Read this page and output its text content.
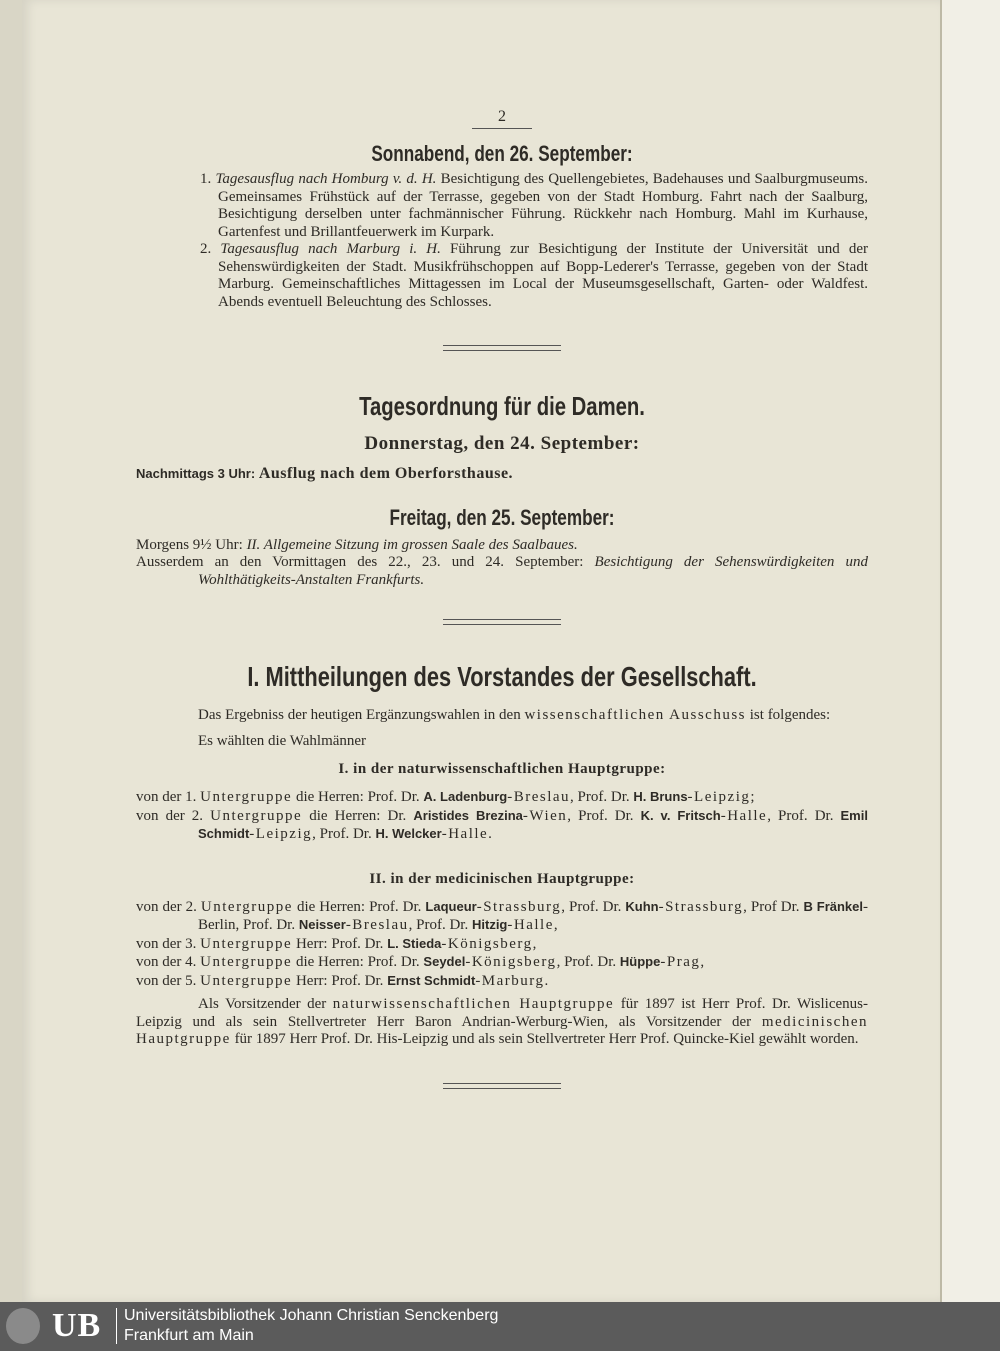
2
Sonnabend, den 26. September:
1. Tagesausflug nach Homburg v. d. H. Besichtigung des Quellengebietes, Badehauses und Saalburgmuseums. Gemeinsames Frühstück auf der Terrasse, gegeben von der Stadt Homburg. Fahrt nach der Saalburg, Besichtigung derselben unter fachmännischer Führung. Rückkehr nach Homburg. Mahl im Kurhause, Gartenfest und Brillantfeuerwerk im Kurpark.
2. Tagesausflug nach Marburg i. H. Führung zur Besichtigung der Institute der Universität und der Sehenswürdigkeiten der Stadt. Musikfrühschoppen auf Bopp-Lederer's Terrasse, gegeben von der Stadt Marburg. Gemeinschaftliches Mittagessen im Local der Museumsgesellschaft, Garten- oder Waldfest. Abends eventuell Beleuchtung des Schlosses.
Tagesordnung für die Damen.
Donnerstag, den 24. September:
Nachmittags 3 Uhr: Ausflug nach dem Oberforsthause.
Freitag, den 25. September:
Morgens 9½ Uhr: II. Allgemeine Sitzung im grossen Saale des Saalbaues.
Ausserdem an den Vormittagen des 22., 23. und 24. September: Besichtigung der Sehenswürdigkeiten und Wohlthätigkeits-Anstalten Frankfurts.
I. Mittheilungen des Vorstandes der Gesellschaft.
Das Ergebniss der heutigen Ergänzungswahlen in den wissenschaftlichen Ausschuss ist folgendes:
Es wählten die Wahlmänner
I. in der naturwissenschaftlichen Hauptgruppe:
von der 1. Untergruppe die Herren: Prof. Dr. A. Ladenburg-Breslau, Prof. Dr. H. Bruns-Leipzig;
von der 2. Untergruppe die Herren: Dr. Aristides Brezina-Wien, Prof. Dr. K. v. Fritsch-Halle, Prof. Dr. Emil Schmidt-Leipzig, Prof. Dr. H. Welcker-Halle.
II. in der medicinischen Hauptgruppe:
von der 2. Untergruppe die Herren: Prof. Dr. Laqueur-Strassburg, Prof. Dr. Kuhn-Strassburg, Prof Dr. B Fränkel-Berlin, Prof. Dr. Neisser-Breslau, Prof. Dr. Hitzig-Halle,
von der 3. Untergruppe Herr: Prof. Dr. L. Stieda-Königsberg,
von der 4. Untergruppe die Herren: Prof. Dr. Seydel-Königsberg, Prof. Dr. Hüppe-Prag,
von der 5. Untergruppe Herr: Prof. Dr. Ernst Schmidt-Marburg.
Als Vorsitzender der naturwissenschaftlichen Hauptgruppe für 1897 ist Herr Prof. Dr. Wislicenus-Leipzig und als sein Stellvertreter Herr Baron Andrian-Werburg-Wien, als Vorsitzender der medicinischen Hauptgruppe für 1897 Herr Prof. Dr. His-Leipzig und als sein Stellvertreter Herr Prof. Quincke-Kiel gewählt worden.
UB Universitätsbibliothek Johann Christian Senckenberg
Frankfurt am Main
